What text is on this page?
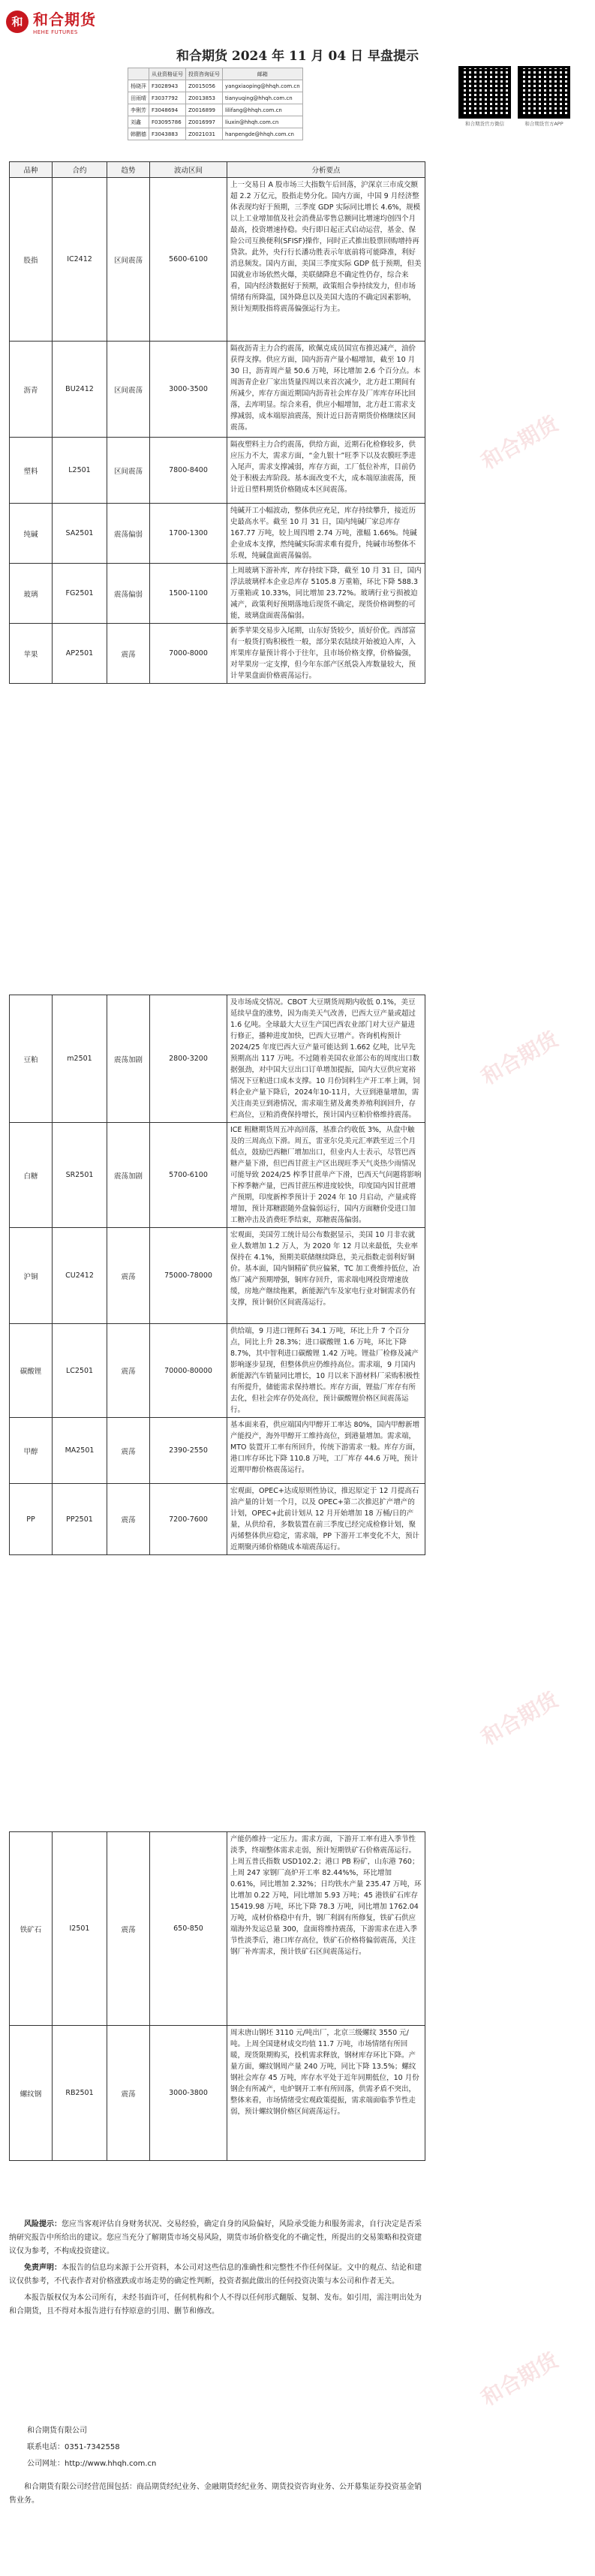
和 和合期货
HEHE FUTURES
和合期货 2024 年 11 月 04 日 早盘提示
	从业资格证号	投资咨询证号	邮箱
杨晓萍	F3028943	Z0015056	yangxiaoping@hhqh.com.cn
田雨晴	F3037792	Z0013853	tianyuqing@hhqh.com.cn
李俐芳	F3048694	Z0016899	lilifang@hhqh.com.cn
刘鑫	F03095786	Z0016997	liuxin@hhqh.com.cn
韩鹏德	F3043883	Z0021031	hanpengde@hhqh.com.cn
和合期货官方微信	和合期货官方APP
品种	合约	趋势	波动区间	分析要点
股指	IC2412	区间震荡	5600-6100	上一交易日 A 股市场三大指数午后回落，沪深京三市成交额超 2.2 万亿元，股指走势分化。国内方面，中国 9 月经济整体表现均好于预期，三季度 GDP 实际同比增长 4.6%，规模以上工业增加值及社会消费品零售总额同比增速均创四个月最高，投资增速持稳。央行即日起正式启动运营，基金、保险公司互换便利(SFISF)操作，同时正式推出股票回购增持再贷款。此外，央行行长潘功胜表示年底前将可能降准，利好消息频发。国内方面，美国三季度实际 GDP 低于预期，但美国就业市场依然火爆，美联储降息不确定性仍存，综合来看，国内经济数据好于预期，政策组合拳持续发力，但市场情绪有所降温，国外降息以及美国大选的不确定因素影响，预计短期股指将震荡偏强运行为主。
沥青	BU2412	区间震荡	3000-3500	隔夜沥青主力合约震荡，欧佩克成员国宣布推迟减产，油价获得支撑。供应方面，国内沥青产量小幅增加，截至 10 月 30 日，沥青周产量 50.6 万吨，环比增加 2.6 个百分点。本周沥青企业厂家出货量四周以来首次减少，北方赶工期间有所减少，库存方面近期国内沥青社会库存及厂库库存环比回落，去库明显。综合来看，供应小幅增加，北方赶工需求支撑减弱，成本端原油震荡，预计近日沥青期货价格继续区间震荡。
塑料	L2501	区间震荡	7800-8400	隔夜塑料主力合约震荡，供给方面，近期石化检修较多，供应压力不大，需求方面，“金九银十”旺季下以及农膜旺季进入尾声，需求支撑减弱，库存方面，工厂低位补库，目前仍处于积极去库阶段。基本面改变不大，成本端原油震荡，预计近日塑料期货价格随成本区间震荡。
纯碱	SA2501	震荡偏弱	1700-1300	纯碱开工小幅波动，整体供应充足，库存持续攀升，接近历史最高水平。截至 10 月 31 日，国内纯碱厂家总库存 167.77 万吨，较上周四增 2.74 万吨，涨幅 1.66%。纯碱企业成本支撑，然纯碱实际需求难有提升，纯碱市场整体不乐观，纯碱盘面震荡偏弱。
玻璃	FG2501	震荡偏弱	1500-1100	上周玻璃下游补库，库存持续下降，截至 10 月 31 日，国内浮法玻璃样本企业总库存 5105.8 万重箱，环比下降 588.3 万重箱或 10.33%，同比增加 23.72%。玻璃行业亏损被迫减产，政策利好预期落地后现货不确定，现货价格调整的可能，玻璃盘面震荡偏弱。
苹果	AP2501	震荡	7000-8000	新季苹果交易步入尾期，山东好货较少，质好价优。西部富有一般货打购积极性一般，部分果农陆续开始被迫入库，入库果库存量预计将小于往年，且市场价格支撑，价格偏强，对苹果房一定支撑，但今年东部产区纸袋入库数量较大，预计苹果盘面价格震荡运行。
豆粕	m2501	震荡加剧	2800-3200	及市场成交情况。CBOT 大豆期货周期内收低 0.1%，美豆延续早盘的涨势，因为南美天气改善，巴西大豆产量或超过 1.6 亿吨。全球最大大豆生产国巴西农业部门对大豆产量进行修正，播种进度加快，巴西大豆增产。咨询机构预计 2024/25 年度巴西大豆产量可能达到 1.662 亿吨，比早先预期高出 117 万吨。不过随着美国农业部公布的周度出口数据强劲，对中国大豆出口订单增加提振，国内大豆供应宽裕情况下豆粕进口成本支撑。10 月份饲料生产开工率上调，饲料企业产量下降后，2024年10-11月，大豆到港量增加，需关注南美豆到港情况，需求端生猪及禽类养殖利润回升，存栏高位，豆粕消费保持增长，预计国内豆粕价格维持震荡。
白糖	SR2501	震荡加剧	5700-6100	ICE 粗糖期货周五冲高回落，基准合约收低 3%，从盘中触及的三周高点下滑。周五，雷亚尔兑美元汇率跌至近三个月低点，鼓励巴西糖厂增加出口，但业内人士表示，尽管巴西糖产量下滑，但巴西甘蔗主产区出现旺季天气炎热少雨情况可能导致 2024/25 榨季甘蔗单产下滑，巴西天气问题将影响下榨季糖产量，巴西甘蔗压榨进度较快，印度国内因甘蔗增产预期，印度新榨季预计于 2024 年 10 月启动，产量或将增加，预计郑糖跟随外盘偏弱运行，国内方面糖价受进口加工糖冲击及消费旺季结束，郑糖震荡偏弱。
沪铜	CU2412	震荡	75000-78000	宏观面，美国劳工统计局公布数据显示，美国 10 月非农就业人数增加 1.2 万人，为 2020 年 12 月以来最低，失业率保持在 4.1%，预期美联储继续降息，美元指数走弱利好铜价。基本面，国内铜精矿供应偏紧，TC 加工费维持低位，冶炼厂减产预期增强，铜库存回升，需求端电网投资增速放缓，房地产继续拖累，新能源汽车及家电行业对铜需求仍有支撑，预计铜价区间震荡运行。
碳酸锂	LC2501	震荡	70000-80000	供给端，9 月进口锂辉石 34.1 万吨，环比上升 7 个百分点，同比上升 28.3%；进口碳酸锂 1.6 万吨，环比下降 8.7%，其中智利进口碳酸锂 1.42 万吨。锂盐厂检修及减产影响逐步显现，但整体供应仍维持高位。需求端，9 月国内新能源汽车销量同比增长，10 月以来下游材料厂采购积极性有所提升，储能需求保持增长。库存方面，锂盐厂库存有所去化，但社会库存仍处高位，预计碳酸锂价格区间震荡运行。
甲醇	MA2501	震荡	2390-2550	基本面来看，供应端国内甲醇开工率达 80%，国内甲醇新增产能投产，海外甲醇开工维持高位，到港量增加。需求端，MTO 装置开工率有所回升，传统下游需求一般。库存方面，港口库存环比下降 110.8 万吨，工厂库存 44.6 万吨，预计近期甲醇价格震荡运行。
PP	PP2501	震荡	7200-7600	宏观面，OPEC+达成原则性协议，推迟原定于 12 月提高石油产量的计划一个月，以及 OPEC+第二次推迟扩产增产的计划，OPEC+此前计划从 12 月开始增加 18 万桶/日的产量，从供给看，多数装置在前三季度已经完成检修计划，聚丙烯整体供应稳定，需求端，PP 下游开工率变化不大，预计近期聚丙烯价格随成本端震荡运行。
铁矿石	I2501	震荡	650-850	产能仍维持一定压力。需求方面，下游开工率有进入季节性淡季，终端整体需求走弱，预计短期铁矿石价格震荡运行。上周五普氏指数 USD102.2；港口 PB 粉矿，山东港 760；上周 247 家钢厂高炉开工率 82.44%%，环比增加 0.61%，同比增加 2.32%；日均铁水产量 235.47 万吨，环比增加 0.22 万吨，同比增加 5.93 万吨；45 港铁矿石库存 15419.98 万吨，环比下降 78.3 万吨，同比增加 1762.04 万吨，成材价格稳中有升，钢厂利润有所修复，铁矿石供应端海外发运总量 300，盘面将维持震荡，下游需求在进入季节性淡季后，港口库存高位，铁矿石价格将偏弱震荡，关注钢厂补库需求，预计铁矿石区间震荡运行。
螺纹钢	RB2501	震荡	3000-3800	周末唐山钢坯 3110 元/吨出厂，北京三级螺纹 3550 元/吨。上周全国建材成交均值 11.7 万吨，市场情绪有所回暖，现货限期购买，投机需求释放，钢材库存环比下降。产量方面，螺纹钢周产量 240 万吨，同比下降 13.5%；螺纹钢社会库存 45 万吨，库存水平处于近年同期低位，10 月份钢企有所减产，电炉钢开工率有所回落，供需矛盾不突出，整体来看，市场情绪受宏观政策提振，需求端面临季节性走弱，预计螺纹钢价格区间震荡运行。

风险提示：您应当客观评估自身财务状况、交易经验，确定自身的风险偏好，风险承受能力和服务需求，自行决定是否采纳研究报告中所给出的建议。您应当充分了解期货市场交易风险，期货市场价格变化的不确定性，所提出的交易策略和投资建议仅为参考，不构成投资建议。

免责声明：本报告的信息均来源于公开资料，本公司对这些信息的准确性和完整性不作任何保证。文中的观点、结论和建议仅供参考，不代表作者对价格涨跌或市场走势的确定性判断，投资者据此做出的任何投资决策与本公司和作者无关。

本报告版权仅为本公司所有，未经书面许可，任何机构和个人不得以任何形式翻版、复制、发布。如引用，需注明出处为和合期货，且不得对本报告进行有悖原意的引用、删节和修改。

和合期货有限公司
联系电话：0351-7342558
公司网址：http://www.hhqh.com.cn

和合期货有限公司经营范围包括：商品期货经纪业务、金融期货经纪业务、期货投资咨询业务、公开募集证券投资基金销售业务。

和合期货
和合期货
和合期货
和合期货
